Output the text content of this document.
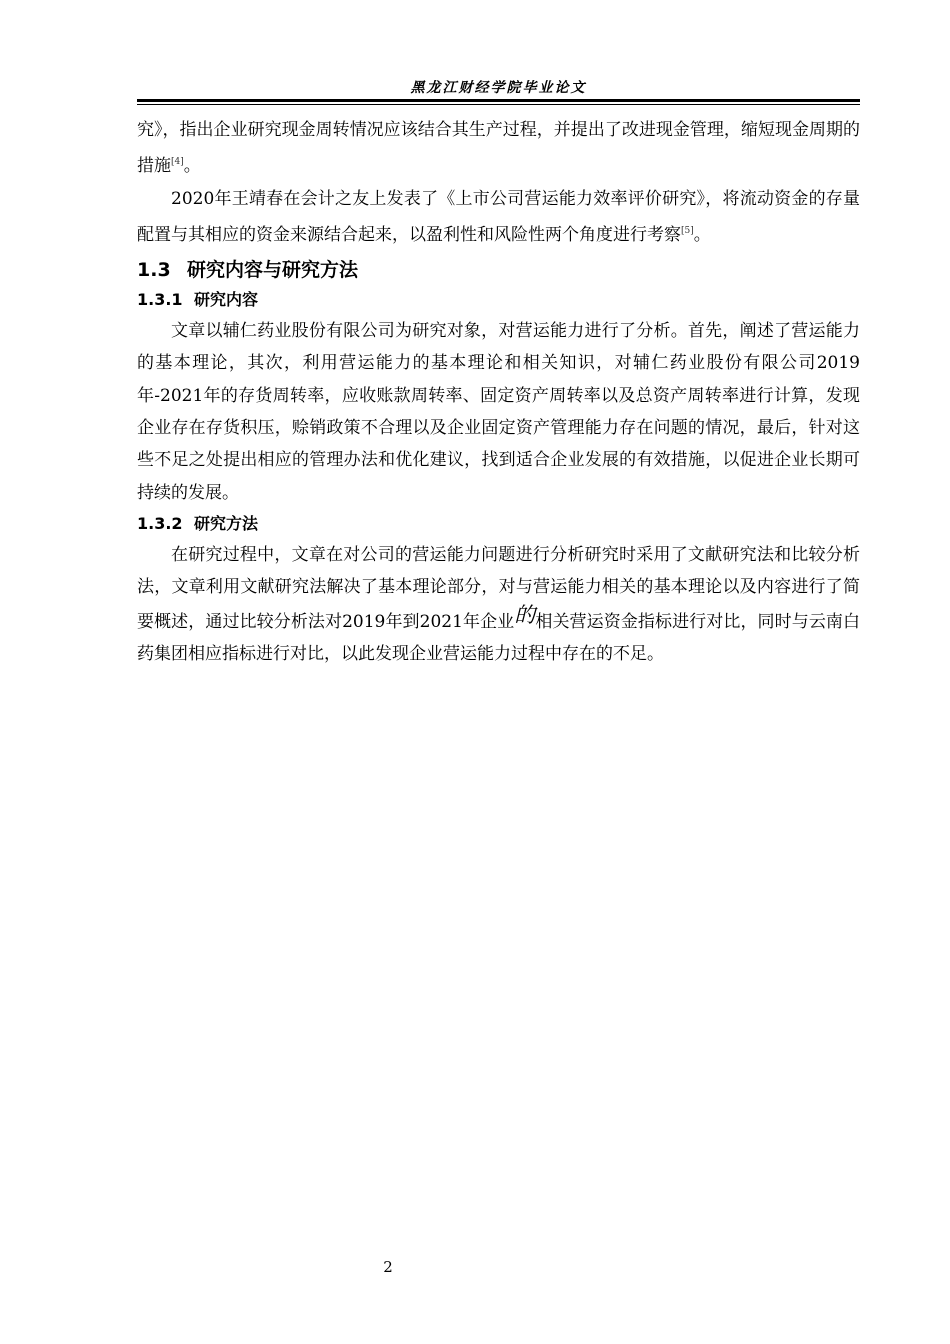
黑龙江财经学院毕业论文

究》，指出企业研究现金周转情况应该结合其生产过程，并提出了改进现金管理，缩短现金周期的措施[4]。

2020年王靖春在会计之友上发表了《上市公司营运能力效率评价研究》，将流动资金的存量配置与其相应的资金来源结合起来，以盈利性和风险性两个角度进行考察[5]。

1.3 研究内容与研究方法
1.3.1 研究内容

文章以辅仁药业股份有限公司为研究对象，对营运能力进行了分析。首先，阐述了营运能力的基本理论，其次，利用营运能力的基本理论和相关知识，对辅仁药业股份有限公司2019年-2021年的存货周转率，应收账款周转率、固定资产周转率以及总资产周转率进行计算，发现企业存在存货积压，赊销政策不合理以及企业固定资产管理能力存在问题的情况，最后，针对这些不足之处提出相应的管理办法和优化建议，找到适合企业发展的有效措施，以促进企业长期可持续的发展。

1.3.2 研究方法

在研究过程中，文章在对公司的营运能力问题进行分析研究时采用了文献研究法和比较分析法，文章利用文献研究法解决了基本理论部分，对与营运能力相关的基本理论以及内容进行了简要概述，通过比较分析法对2019年到2021年企业的相关营运资金指标进行对比，同时与云南白药集团相应指标进行对比，以此发现企业营运能力过程中存在的不足。

2
